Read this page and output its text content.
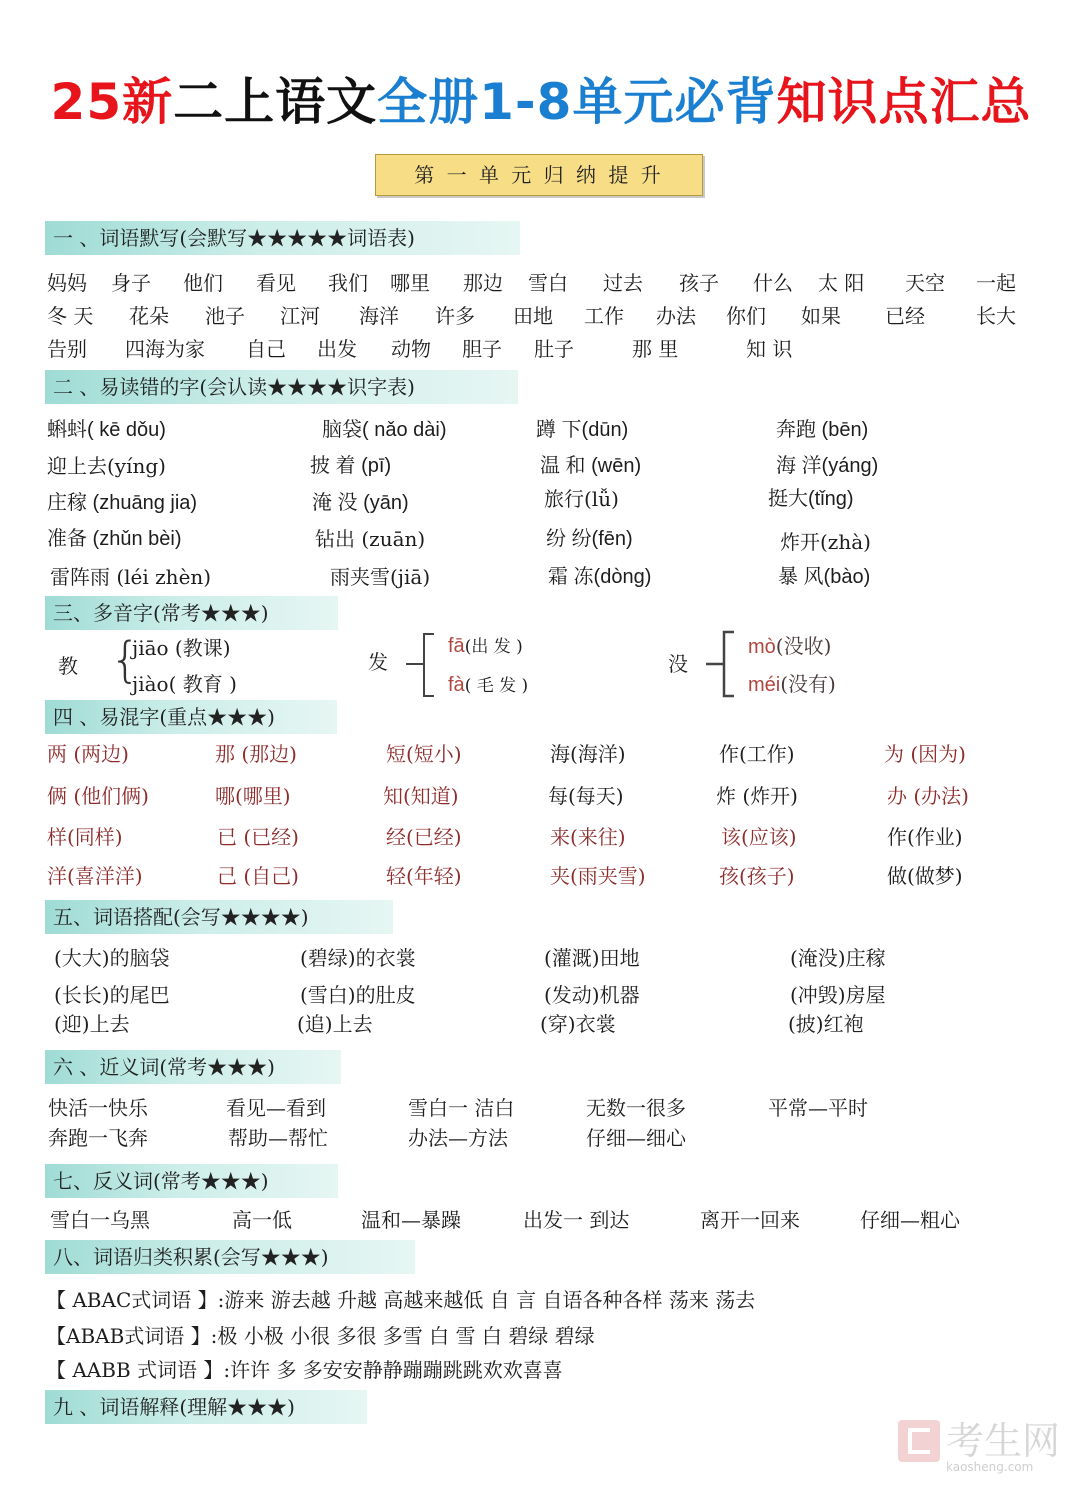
25新二上语文全册1-8单元必背知识点汇总
第 一 单 元 归 纳 提 升
一 、词语默写(会默写★★★★★词语表)
妈妈 身子 他们 看见 我们 哪里 那边 雪白 过去 孩子 什么 太 阳 天空 一起
冬 天 花朵 池子 江河 海洋 许多 田地 工作 办法 你们 如果 已经	长大
告别 四海为家 自己 出发 动物 胆子 肚子	那 里	知 识
二 、易读错的字(会认读★★★★识字表)
蝌蚪( kē dǒu)	脑袋( nǎo dài)	蹲 下(dūn)	奔跑 (bēn)
迎上去(yíng)	披 着 (pī)	温 和 (wēn)	海 洋(yáng)
庄稼 (zhuāng jia)	淹 没 (yān)	旅行(lǚ)	挺大(tǐng)
准备 (zhǔn bèi)	钻出 (zuān)	纷 纷(fēn)	炸开(zhà)
雷阵雨 (léi zhèn)	雨夹雪(jiā)	霜 冻(dòng)	暴 风(bào)
三、多音字(常考★★★)
教 {
jiāo (教课)
jiào( 教育 )
发
fā(出 发 )
fà( 毛 发 )
没
mò(没收)
méi(没有)
四 、易混字(重点★★★)
两 (两边)	那 (那边)	短(短小)	海(海洋)	作(工作)	为 (因为)
俩 (他们俩)	哪(哪里)	知(知道)	每(每天)	炸 (炸开)	办 (办法)
样(同样)	已 (已经)	经(已经)	来(来往)	该(应该)	作(作业)
洋(喜洋洋)	己 (自己)	轻(年轻)	夹(雨夹雪)	孩(孩子)	做(做梦)
五、词语搭配(会写★★★★)
(大大)的脑袋	(碧绿)的衣裳	(灌溉)田地	(淹没)庄稼
(长长)的尾巴	(雪白)的肚皮	(发动)机器	(冲毁)房屋
(迎)上去	(追)上去	(穿)衣裳	(披)红袍
六 、近义词(常考★★★)
快活一快乐	看见—看到	雪白一 洁白	无数一很多	平常—平时
奔跑一飞奔	帮助—帮忙	办法—方法	仔细—细心
七、反义词(常考★★★)
雪白一乌黑	高一低	温和—暴躁	出发一 到达	离开一回来	仔细—粗心
八、词语归类积累(会写★★★)
【 ABAC式词语 】:游来 游去越 升越 高越来越低 自 言 自语各种各样 荡来 荡去
【ABAB式词语 】:极 小极 小很 多很 多雪 白 雪 白 碧绿 碧绿
【 AABB 式词语 】:许许 多 多安安静静蹦蹦跳跳欢欢喜喜
九 、词语解释(理解★★★)
考生网
kaosheng.com
